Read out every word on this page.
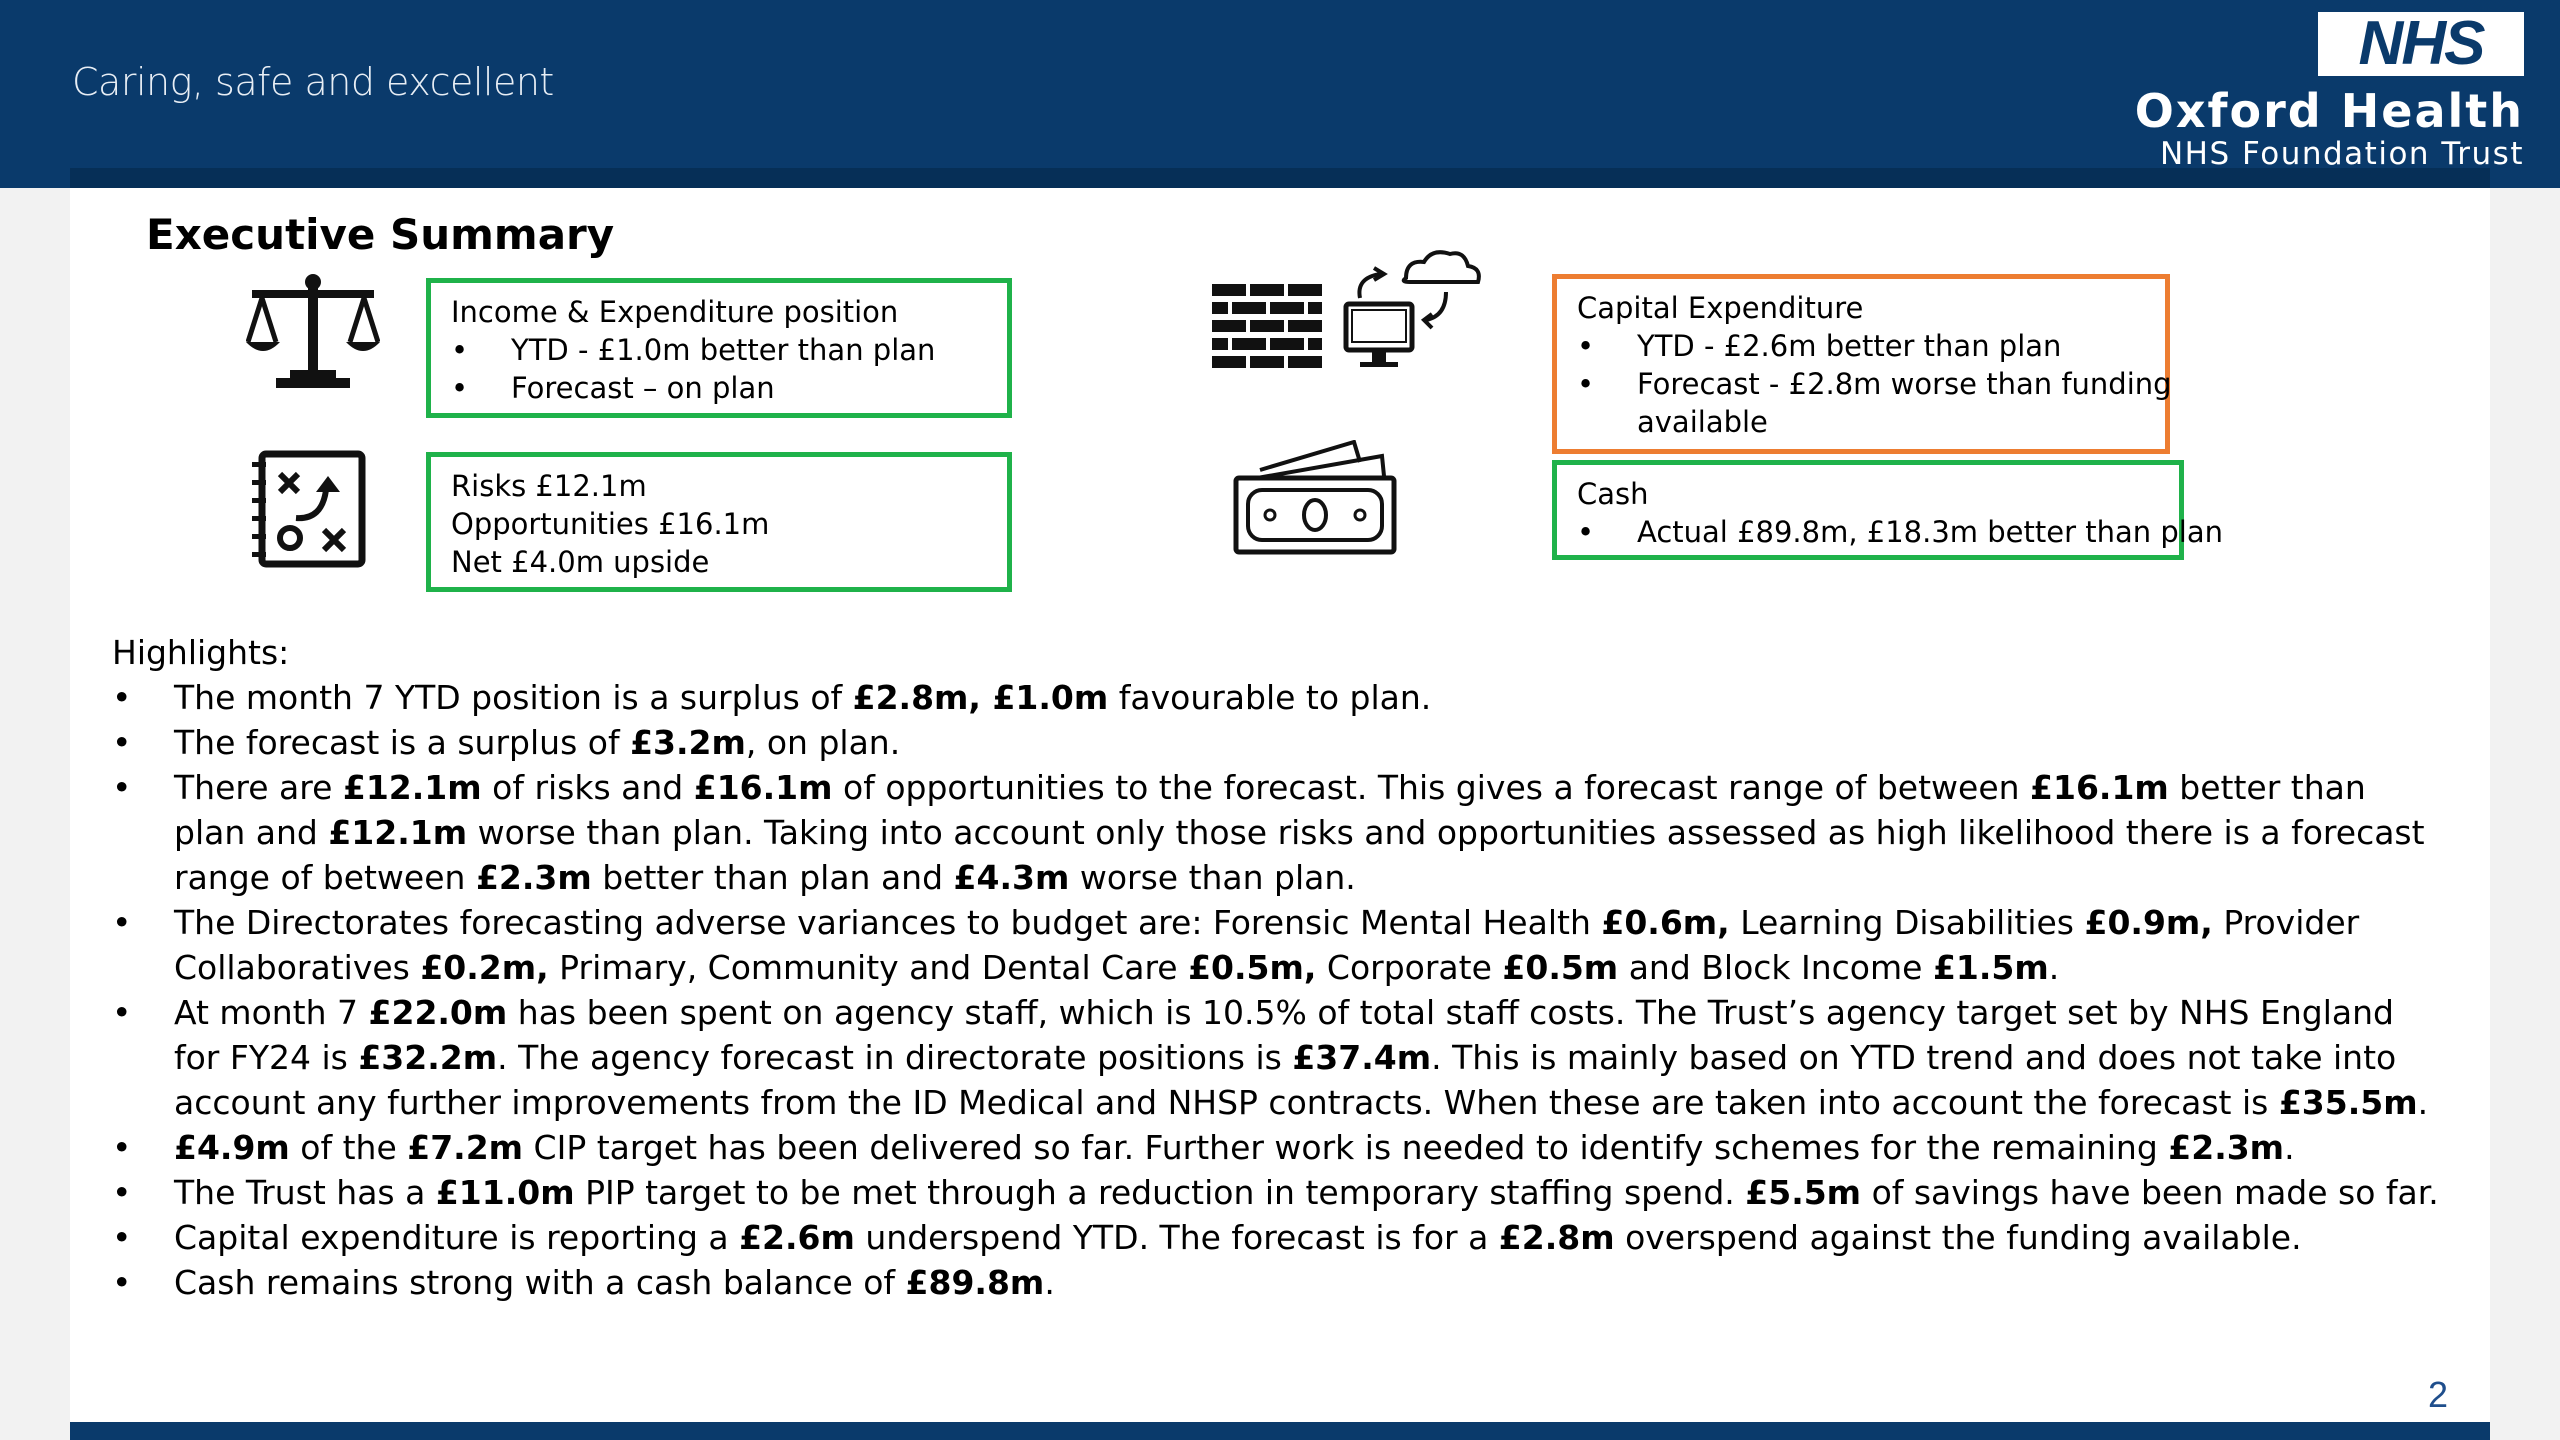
Caring, safe and excellent
NHS
Oxford Health
NHS Foundation Trust
Executive Summary
Income & Expenditure position
•	YTD - £1.0m better than plan
•	Forecast – on plan
Risks £12.1m
Opportunities £16.1m
Net £4.0m upside
Capital Expenditure
•	YTD - £2.6m better than plan
•	Forecast - £2.8m worse than funding
available
Cash
•	Actual £89.8m, £18.3m better than plan
Highlights:
•	The month 7 YTD position is a surplus of £2.8m, £1.0m favourable to plan.
•	The forecast is a surplus of £3.2m, on plan.
•	There are £12.1m of risks and £16.1m of opportunities to the forecast. This gives a forecast range of between £16.1m better than plan and £12.1m worse than plan. Taking into account only those risks and opportunities assessed as high likelihood there is a forecast range of between £2.3m better than plan and £4.3m worse than plan.
•	The Directorates forecasting adverse variances to budget are: Forensic Mental Health £0.6m, Learning Disabilities £0.9m, Provider Collaboratives £0.2m, Primary, Community and Dental Care £0.5m, Corporate £0.5m and Block Income £1.5m.
•	At month 7 £22.0m has been spent on agency staff, which is 10.5% of total staff costs. The Trust’s agency target set by NHS England for FY24 is £32.2m. The agency forecast in directorate positions is £37.4m. This is mainly based on YTD trend and does not take into account any further improvements from the ID Medical and NHSP contracts. When these are taken into account the forecast is £35.5m.
•	£4.9m of the £7.2m CIP target has been delivered so far. Further work is needed to identify schemes for the remaining £2.3m.
•	The Trust has a £11.0m PIP target to be met through a reduction in temporary staffing spend. £5.5m of savings have been made so far.
•	Capital expenditure is reporting a £2.6m underspend YTD. The forecast is for a £2.8m overspend against the funding available.
•	Cash remains strong with a cash balance of £89.8m.
2
